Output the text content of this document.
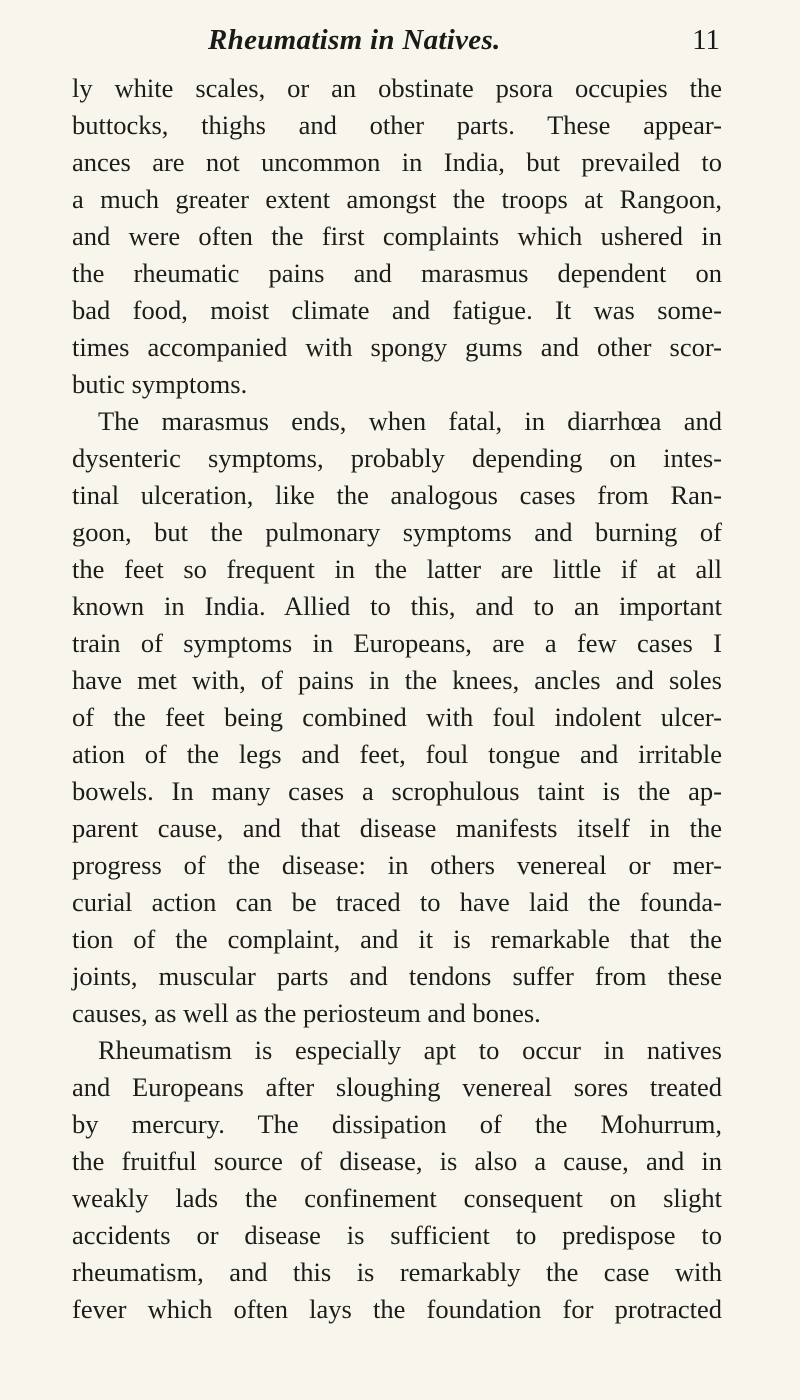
Rheumatism in Natives.	11
ly white scales, or an obstinate psora occupies the
buttocks, thighs and other parts. These appear-
ances are not uncommon in India, but prevailed to
a much greater extent amongst the troops at Rangoon,
and were often the first complaints which ushered in
the rheumatic pains and marasmus dependent on
bad food, moist climate and fatigue. It was some-
times accompanied with spongy gums and other scor-
butic symptoms.
The marasmus ends, when fatal, in diarrhœa and
dysenteric symptoms, probably depending on intes-
tinal ulceration, like the analogous cases from Ran-
goon, but the pulmonary symptoms and burning of
the feet so frequent in the latter are little if at all
known in India. Allied to this, and to an important
train of symptoms in Europeans, are a few cases I
have met with, of pains in the knees, ancles and soles
of the feet being combined with foul indolent ulcer-
ation of the legs and feet, foul tongue and irritable
bowels. In many cases a scrophulous taint is the ap-
parent cause, and that disease manifests itself in the
progress of the disease: in others venereal or mer-
curial action can be traced to have laid the founda-
tion of the complaint, and it is remarkable that the
joints, muscular parts and tendons suffer from these
causes, as well as the periosteum and bones.
Rheumatism is especially apt to occur in natives
and Europeans after sloughing venereal sores treated
by mercury. The dissipation of the Mohurrum,
the fruitful source of disease, is also a cause, and in
weakly lads the confinement consequent on slight
accidents or disease is sufficient to predispose to
rheumatism, and this is remarkably the case with
fever which often lays the foundation for protracted
